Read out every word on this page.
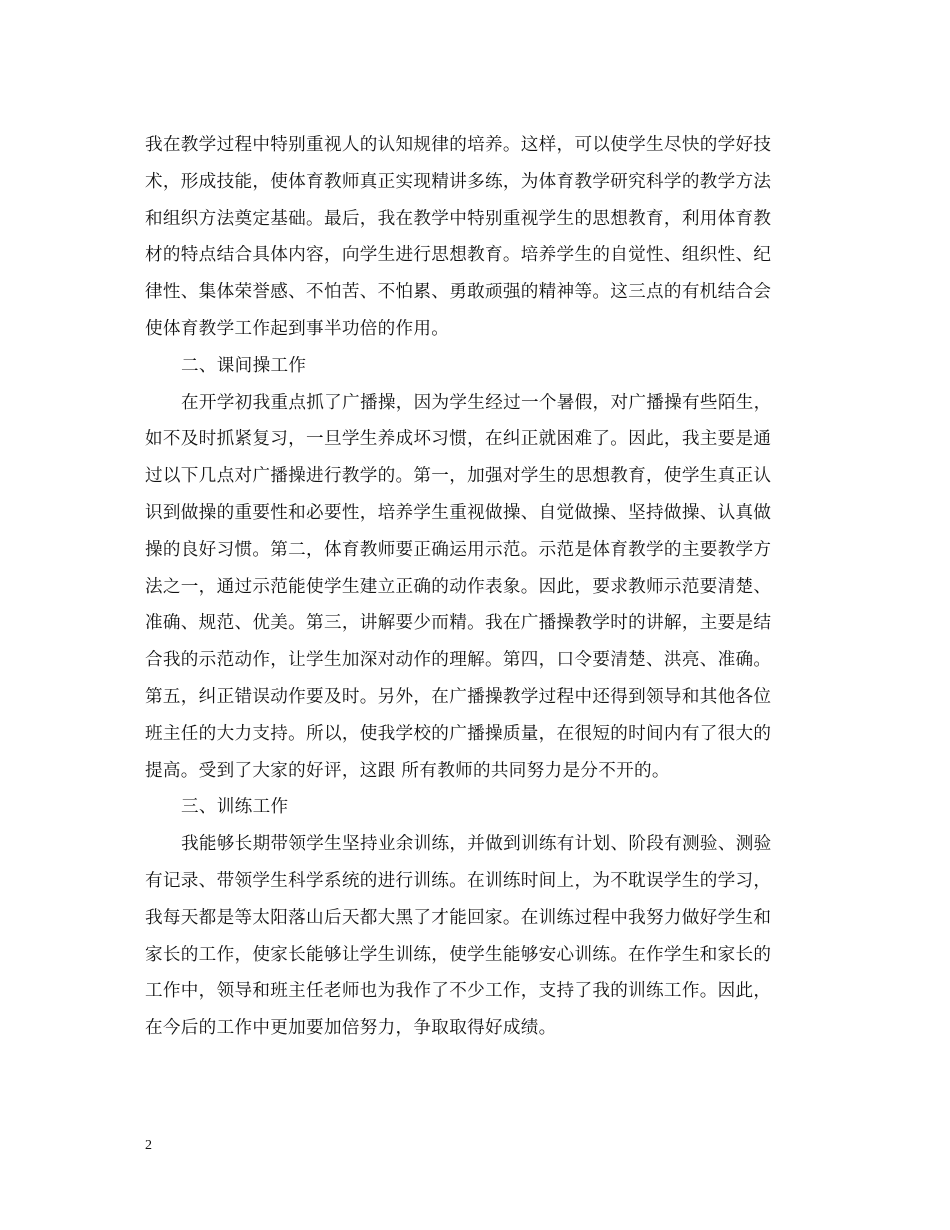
我在教学过程中特别重视人的认知规律的培养。这样，可以使学生尽快的学好技
术，形成技能，使体育教师真正实现精讲多练，为体育教学研究科学的教学方法
和组织方法奠定基础。最后，我在教学中特别重视学生的思想教育，利用体育教
材的特点结合具体内容，向学生进行思想教育。培养学生的自觉性、组织性、纪
律性、集体荣誉感、不怕苦、不怕累、勇敢顽强的精神等。这三点的有机结合会
使体育教学工作起到事半功倍的作用。
二、课间操工作
在开学初我重点抓了广播操，因为学生经过一个暑假，对广播操有些陌生，
如不及时抓紧复习，一旦学生养成坏习惯，在纠正就困难了。因此，我主要是通
过以下几点对广播操进行教学的。第一，加强对学生的思想教育，使学生真正认
识到做操的重要性和必要性，培养学生重视做操、自觉做操、坚持做操、认真做
操的良好习惯。第二，体育教师要正确运用示范。示范是体育教学的主要教学方
法之一，通过示范能使学生建立正确的动作表象。因此，要求教师示范要清楚、
准确、规范、优美。第三，讲解要少而精。我在广播操教学时的讲解，主要是结
合我的示范动作，让学生加深对动作的理解。第四，口令要清楚、洪亮、准确。
第五，纠正错误动作要及时。另外，在广播操教学过程中还得到领导和其他各位
班主任的大力支持。所以，使我学校的广播操质量，在很短的时间内有了很大的
提高。受到了大家的好评，这跟 所有教师的共同努力是分不开的。
三、训练工作
我能够长期带领学生坚持业余训练，并做到训练有计划、阶段有测验、测验
有记录、带领学生科学系统的进行训练。在训练时间上，为不耽误学生的学习，
我每天都是等太阳落山后天都大黑了才能回家。在训练过程中我努力做好学生和
家长的工作，使家长能够让学生训练，使学生能够安心训练。在作学生和家长的
工作中，领导和班主任老师也为我作了不少工作，支持了我的训练工作。因此，
在今后的工作中更加要加倍努力，争取取得好成绩。
2
